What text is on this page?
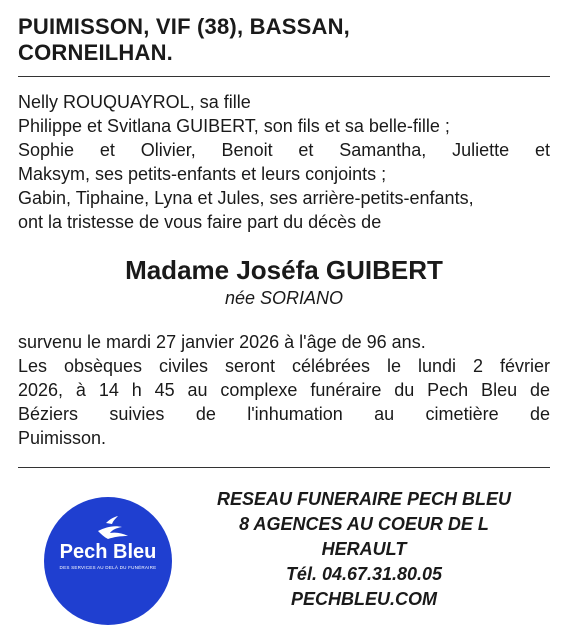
PUIMISSON, VIF (38), BASSAN,
CORNEILHAN.
Nelly ROUQUAYROL, sa fille
Philippe et Svitlana GUIBERT, son fils et sa belle-fille ;
Sophie et Olivier, Benoit et Samantha, Juliette et
Maksym, ses petits-enfants et leurs conjoints ;
Gabin, Tiphaine, Lyna et Jules, ses arrière-petits-enfants,
ont la tristesse de vous faire part du décès de
Madame Joséfa GUIBERT
née SORIANO
survenu le mardi 27 janvier 2026 à l'âge de 96 ans.
Les obsèques civiles seront célébrées le lundi 2 février
2026, à 14 h 45 au complexe funéraire du Pech Bleu de
Béziers suivies de l'inhumation au cimetière de
Puimisson.
Pech Bleu
DES SERVICES AU DELÀ DU FUNÉRAIRE
RESEAU FUNERAIRE PECH BLEU
8 AGENCES AU COEUR DE L
HERAULT
Tél. 04.67.31.80.05
PECHBLEU.COM
